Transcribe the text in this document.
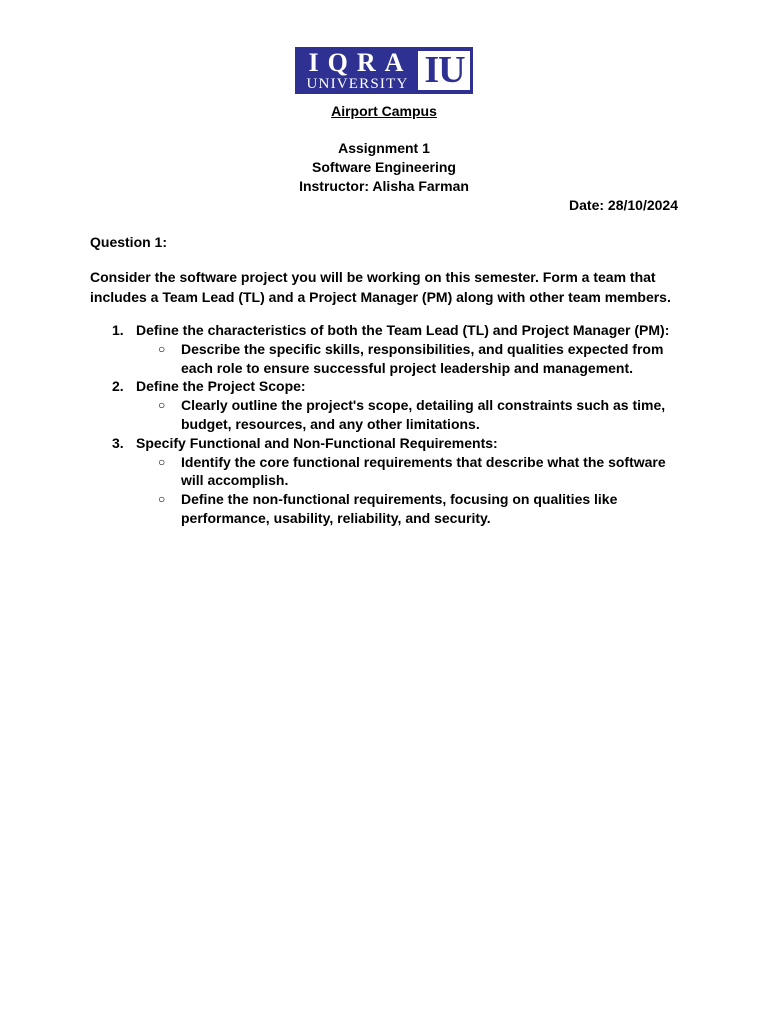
IQRA
UNIVERSITY IU
Airport Campus
Assignment 1
Software Engineering
Instructor: Alisha Farman
Date: 28/10/2024
Question 1:
Consider the software project you will be working on this semester. Form a team that includes a Team Lead (TL) and a Project Manager (PM) along with other team members.
1. Define the characteristics of both the Team Lead (TL) and Project Manager (PM):
○ Describe the specific skills, responsibilities, and qualities expected from each role to ensure successful project leadership and management.
2. Define the Project Scope:
○ Clearly outline the project's scope, detailing all constraints such as time, budget, resources, and any other limitations.
3. Specify Functional and Non-Functional Requirements:
○ Identify the core functional requirements that describe what the software will accomplish.
○ Define the non-functional requirements, focusing on qualities like performance, usability, reliability, and security.
